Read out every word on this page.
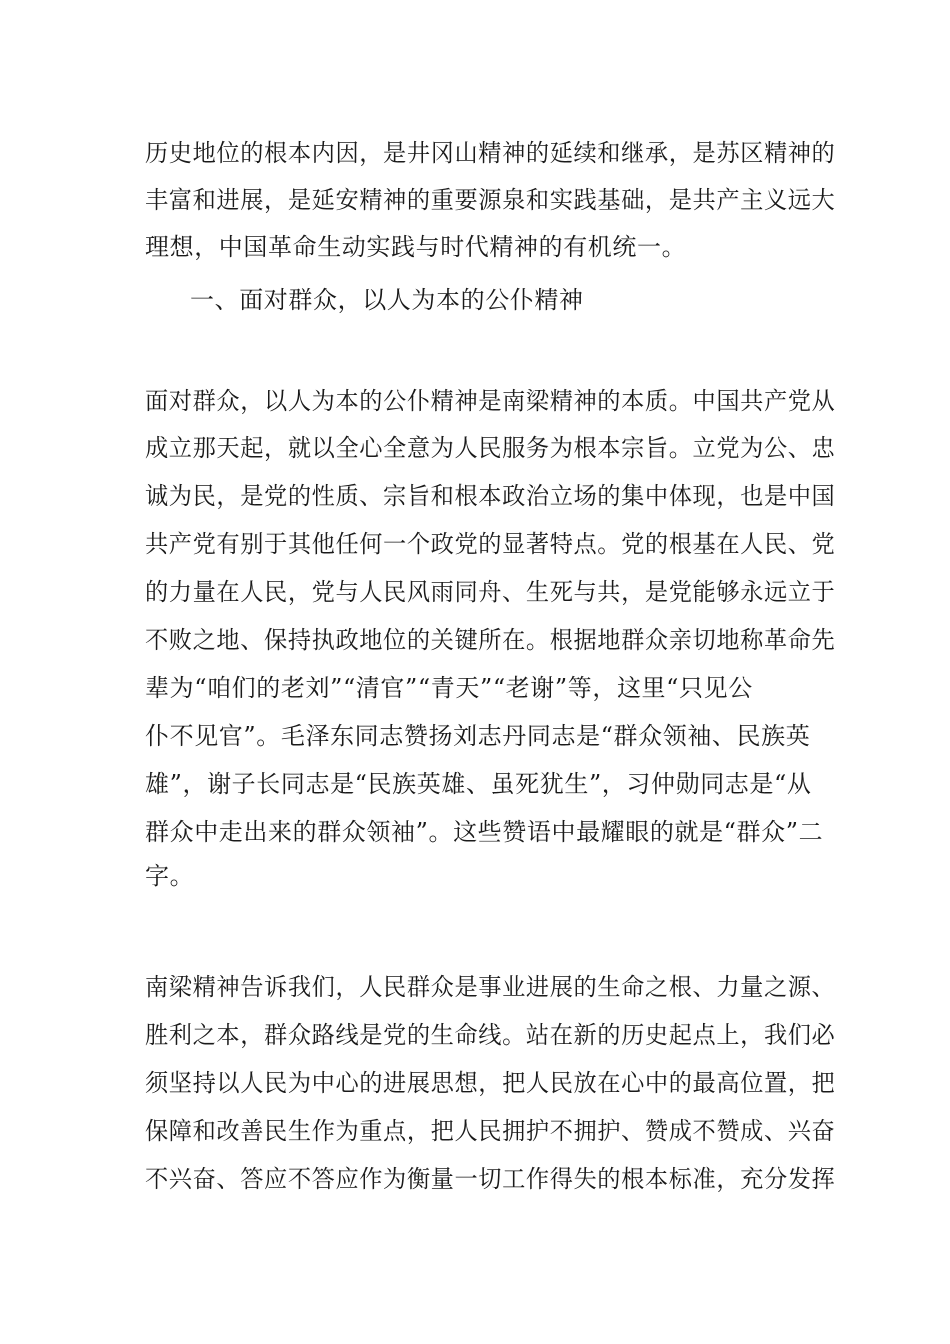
历史地位的根本内因，是井冈山精神的延续和继承，是苏区精神的
丰富和进展，是延安精神的重要源泉和实践基础，是共产主义远大
理想，中国革命生动实践与时代精神的有机统一。
一、面对群众，以人为本的公仆精神
面对群众，以人为本的公仆精神是南梁精神的本质。中国共产党从
成立那天起，就以全心全意为人民服务为根本宗旨。立党为公、忠
诚为民，是党的性质、宗旨和根本政治立场的集中体现，也是中国
共产党有别于其他任何一个政党的显著特点。党的根基在人民、党
的力量在人民，党与人民风雨同舟、生死与共，是党能够永远立于
不败之地、保持执政地位的关键所在。根据地群众亲切地称革命先
辈为“咱们的老刘”“清官”“青天”“老谢”等，这里“只见公
仆不见官”。毛泽东同志赞扬刘志丹同志是“群众领袖、民族英
雄”，谢子长同志是“民族英雄、虽死犹生”，习仲勋同志是“从
群众中走出来的群众领袖”。这些赞语中最耀眼的就是“群众”二
字。
南梁精神告诉我们，人民群众是事业进展的生命之根、力量之源、
胜利之本，群众路线是党的生命线。站在新的历史起点上，我们必
须坚持以人民为中心的进展思想，把人民放在心中的最高位置，把
保障和改善民生作为重点，把人民拥护不拥护、赞成不赞成、兴奋
不兴奋、答应不答应作为衡量一切工作得失的根本标准，充分发挥
